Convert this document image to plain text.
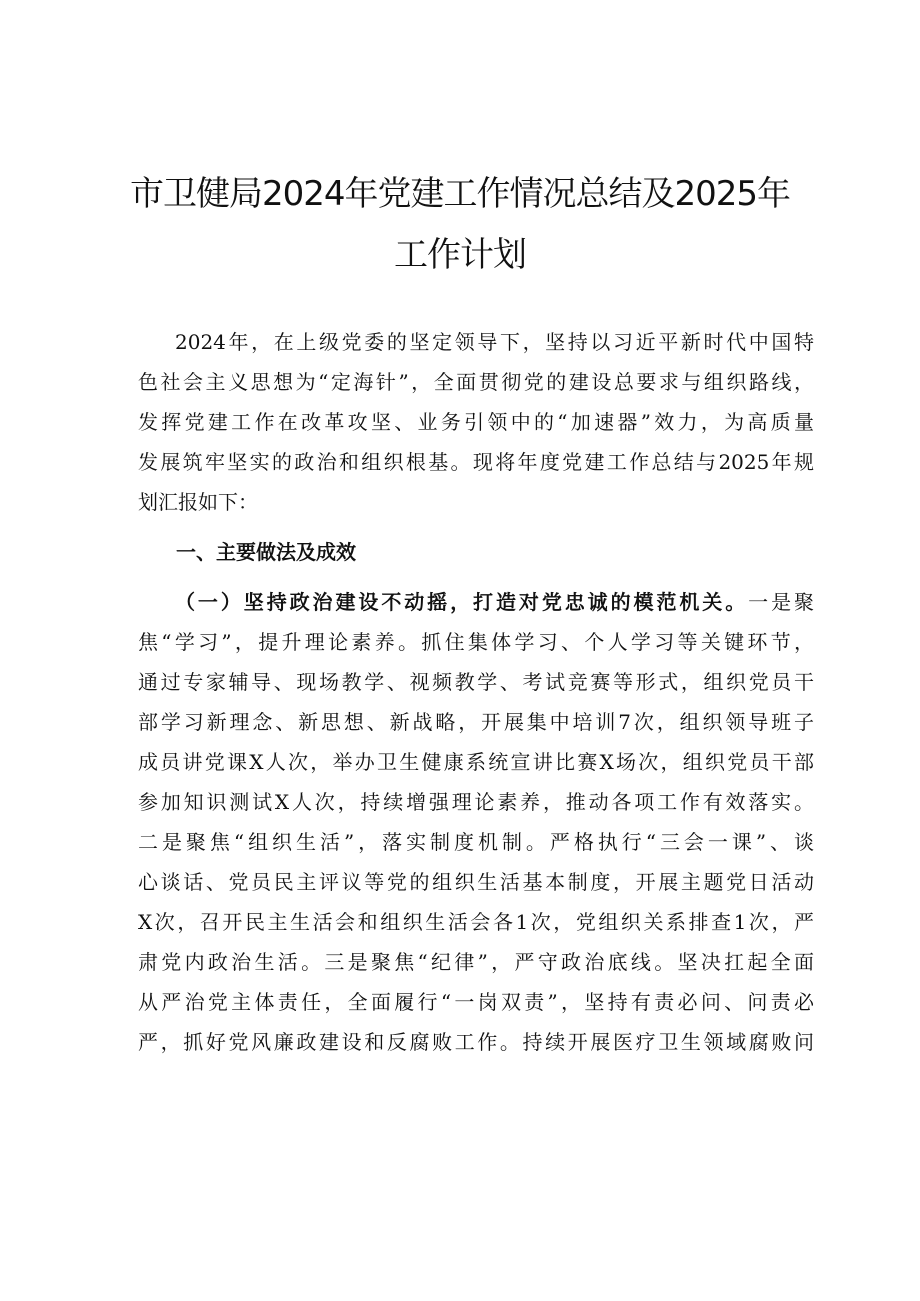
市卫健局2024年党建工作情况总结及2025年
工作计划
2024年，在上级党委的坚定领导下，坚持以习近平新时代中国特
色社会主义思想为“定海针”，全面贯彻党的建设总要求与组织路线，
发挥党建工作在改革攻坚、业务引领中的“加速器”效力，为高质量
发展筑牢坚实的政治和组织根基。现将年度党建工作总结与2025年规
划汇报如下：
一、主要做法及成效
（一）坚持政治建设不动摇，打造对党忠诚的模范机关。一是聚
焦“学习”，提升理论素养。抓住集体学习、个人学习等关键环节，
通过专家辅导、现场教学、视频教学、考试竞赛等形式，组织党员干
部学习新理念、新思想、新战略，开展集中培训7次，组织领导班子
成员讲党课X人次，举办卫生健康系统宣讲比赛X场次，组织党员干部
参加知识测试X人次，持续增强理论素养，推动各项工作有效落实。
二是聚焦“组织生活”，落实制度机制。严格执行“三会一课”、谈
心谈话、党员民主评议等党的组织生活基本制度，开展主题党日活动
X次，召开民主生活会和组织生活会各1次，党组织关系排查1次，严
肃党内政治生活。三是聚焦“纪律”，严守政治底线。坚决扛起全面
从严治党主体责任，全面履行“一岗双责”，坚持有责必问、问责必
严，抓好党风廉政建设和反腐败工作。持续开展医疗卫生领域腐败问
